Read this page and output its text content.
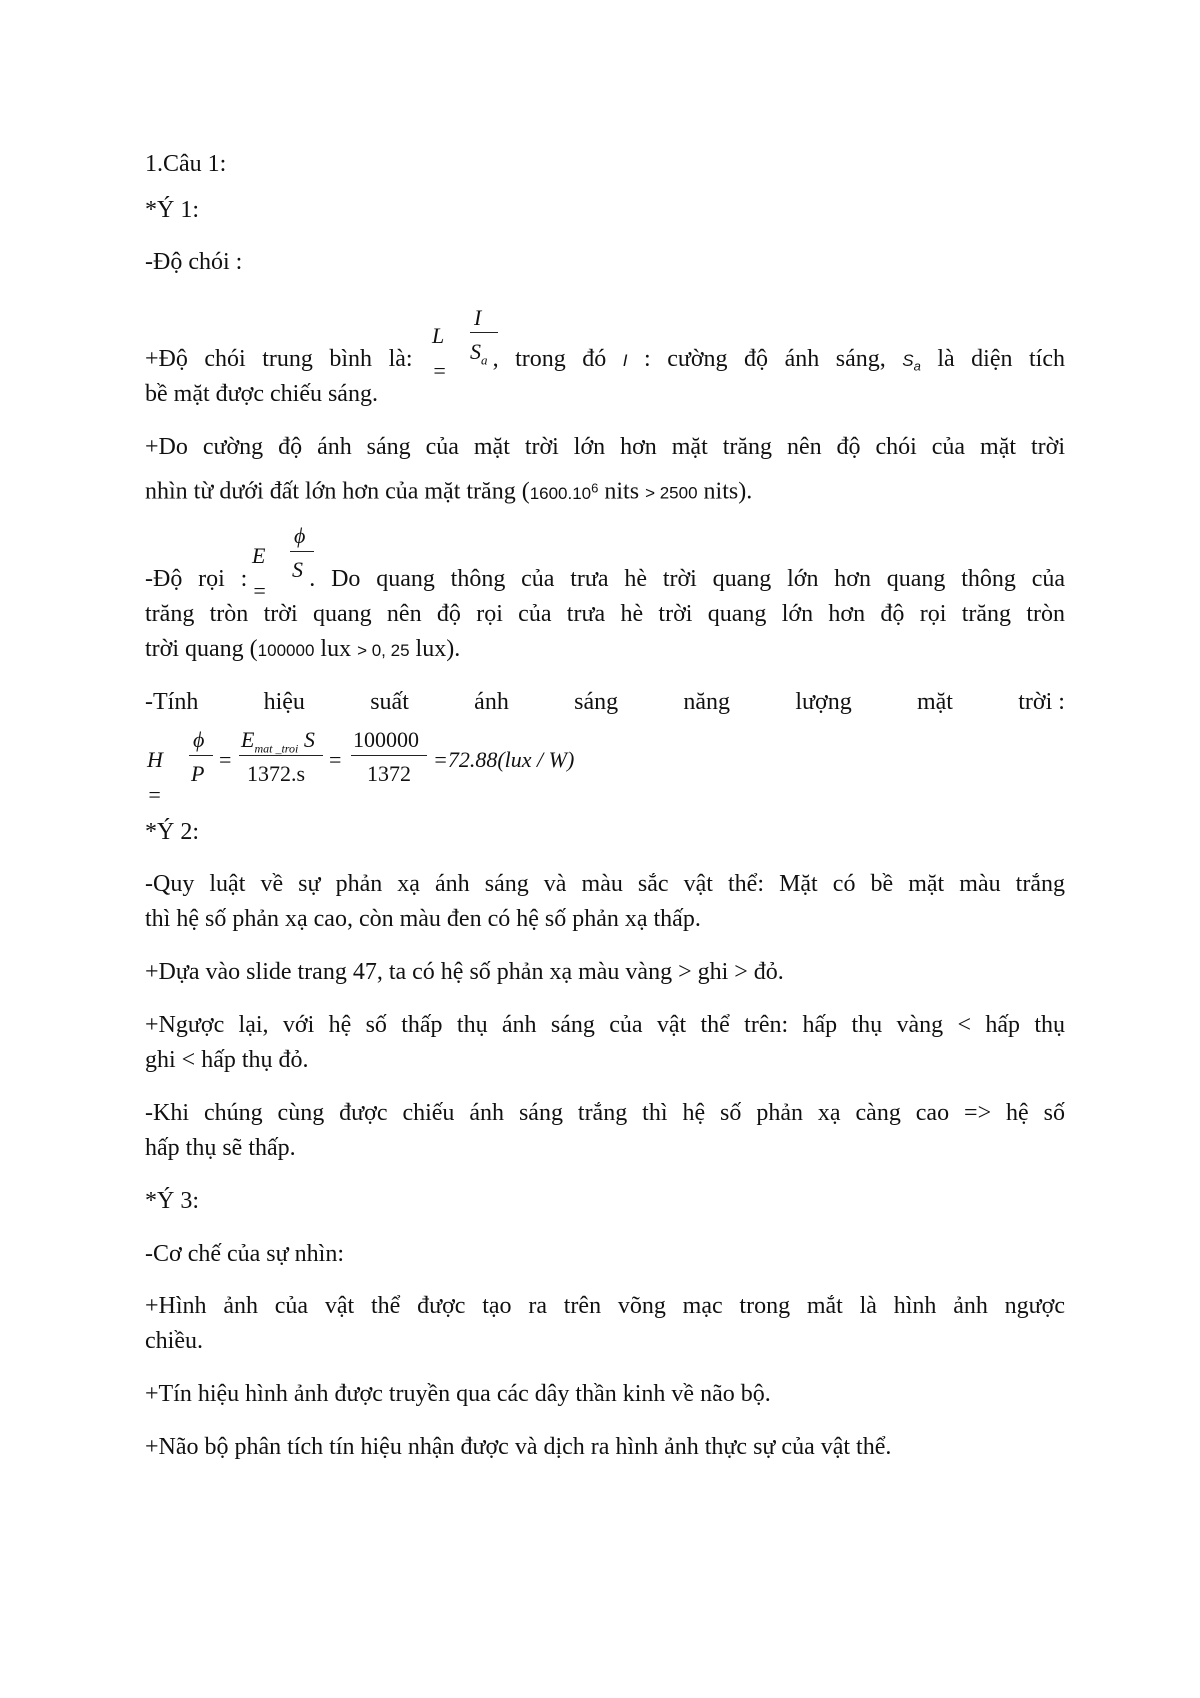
1.Câu 1:

*Ý 1:

-Độ chói :

L =
I
$S_a$

+Độ chói trung bình là:	, trong đó I : cường độ ánh sáng, $S_a$ là diện tích

bề mặt được chiếu sáng.

+Do cường độ ánh sáng của mặt trời lớn hơn mặt trăng nên độ chói của mặt trời

nhìn từ dưới đất lớn hơn của mặt trăng (1600.10$^6$ nits > 2500 nits).

E =
ϕ
S

-Độ rọi :	. Do quang thông của trưa hè trời quang lớn hơn quang thông của

trăng tròn trời quang nên độ rọi của trưa hè trời quang lớn hơn độ rọi trăng tròn

trời quang (100000 lux > 0, 25 lux).

-Tính	hiệu	suất	ánh	sáng	năng	lượng	mặt	trời :
H =
ϕ
P
=
$E_{mat \_troi}$ S
1372.s
=
100000
1372
=72.88(lux / W)

*Ý 2:

-Quy luật về sự phản xạ ánh sáng và màu sắc vật thể: Mặt có bề mặt màu trắng

thì hệ số phản xạ cao, còn màu đen có hệ số phản xạ thấp.

+Dựa vào slide trang 47, ta có hệ số phản xạ màu vàng > ghi > đỏ.

+Ngược lại, với hệ số thấp thụ ánh sáng của vật thể trên: hấp thụ vàng < hấp thụ

ghi < hấp thụ đỏ.

-Khi chúng cùng được chiếu ánh sáng trắng thì hệ số phản xạ càng cao => hệ số

hấp thụ sẽ thấp.

*Ý 3:

-Cơ chế của sự nhìn:

+Hình ảnh của vật thể được tạo ra trên võng mạc trong mắt là hình ảnh ngược

chiều.

+Tín hiệu hình ảnh được truyền qua các dây thần kinh về não bộ.

+Não bộ phân tích tín hiệu nhận được và dịch ra hình ảnh thực sự của vật thể.
